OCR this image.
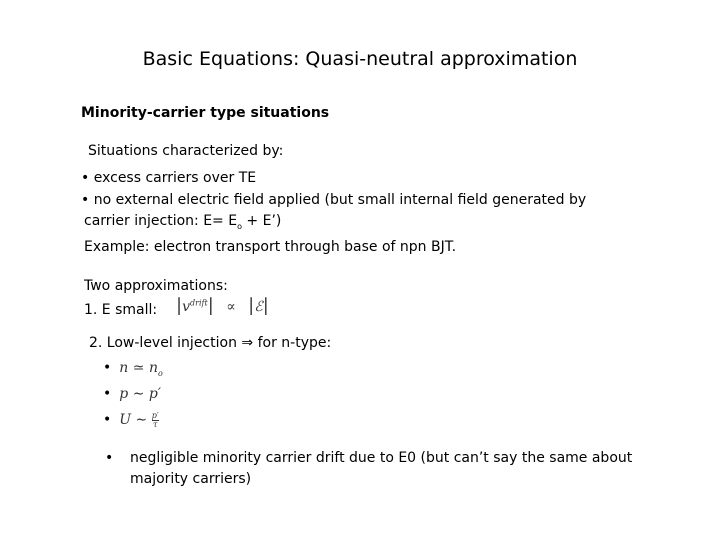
Basic Equations: Quasi-neutral approximation
Minority-carrier type situations
Situations characterized by:
• excess carriers over TE
• no external electric field applied (but small internal field generated by
carrier injection: $E= E_o$ + E’)
Example: electron transport through base of npn BJT.
Two approximations:
1. E small: $|v^{drift}|$ ∝ |ℰ|
2. Low-level injection ⇒ for n-type:
• n ≃ $n_o$
• p ∼ p′
• U ∼ $\frac{p'}{\tau}$
• negligible minority carrier drift due to E0 (but can’t say the same about majority carriers)
